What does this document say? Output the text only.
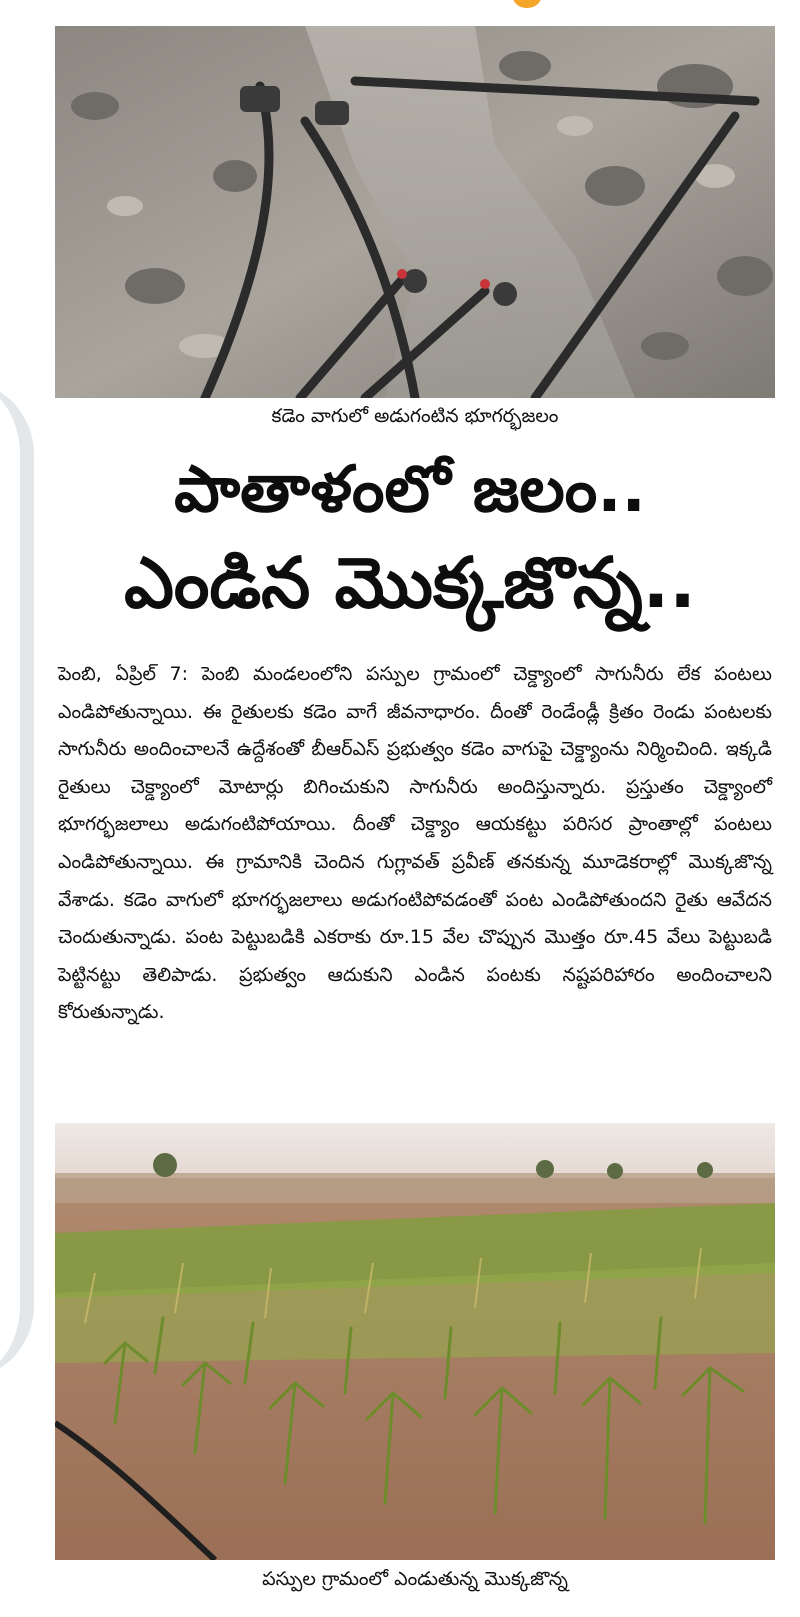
కడెం వాగులో అడుగంటిన భూగర్భజలం
పాతాళంలో జలం..
ఎండిన మొక్కజొన్న..

పెంబి, ఏప్రిల్ 7: పెంబి మండలంలోని పస్పుల గ్రామంలో చెక్డ్యాంలో సాగునీరు లేక పంటలు ఎండిపోతున్నాయి. ఈ రైతులకు కడెం వాగే జీవనాధారం. దీంతో రెండేండ్లీ క్రితం రెండు పంటలకు సాగునీరు అందించాలనే ఉద్దేశంతో బీఆర్ఎస్ ప్రభుత్వం కడెం వాగుపై చెక్డ్యాంను నిర్మించింది. ఇక్కడి రైతులు చెక్డ్యాంలో మోటార్లు బిగించుకుని సాగునీరు అందిస్తున్నారు. ప్రస్తుతం చెక్డ్యాంలో భూగర్భజలాలు అడుగంటిపోయాయి. దీంతో చెక్డ్యాం ఆయకట్టు పరిసర ప్రాంతాల్లో పంటలు ఎండిపోతున్నాయి. ఈ గ్రామానికి చెందిన గుగ్లావత్ ప్రవీణ్ తనకున్న మూడెకరాల్లో మొక్కజొన్న వేశాడు. కడెం వాగులో భూగర్భజలాలు అడుగంటిపోవడంతో పంట ఎండిపోతుందని రైతు ఆవేదన చెందుతున్నాడు. పంట పెట్టుబడికి ఎకరాకు రూ.15 వేల చొప్పున మొత్తం రూ.45 వేలు పెట్టుబడి పెట్టినట్టు తెలిపాడు. ప్రభుత్వం ఆదుకుని ఎండిన పంటకు నష్టపరిహారం అందించాలని కోరుతున్నాడు.

పస్పుల గ్రామంలో ఎండుతున్న మొక్కజొన్న
